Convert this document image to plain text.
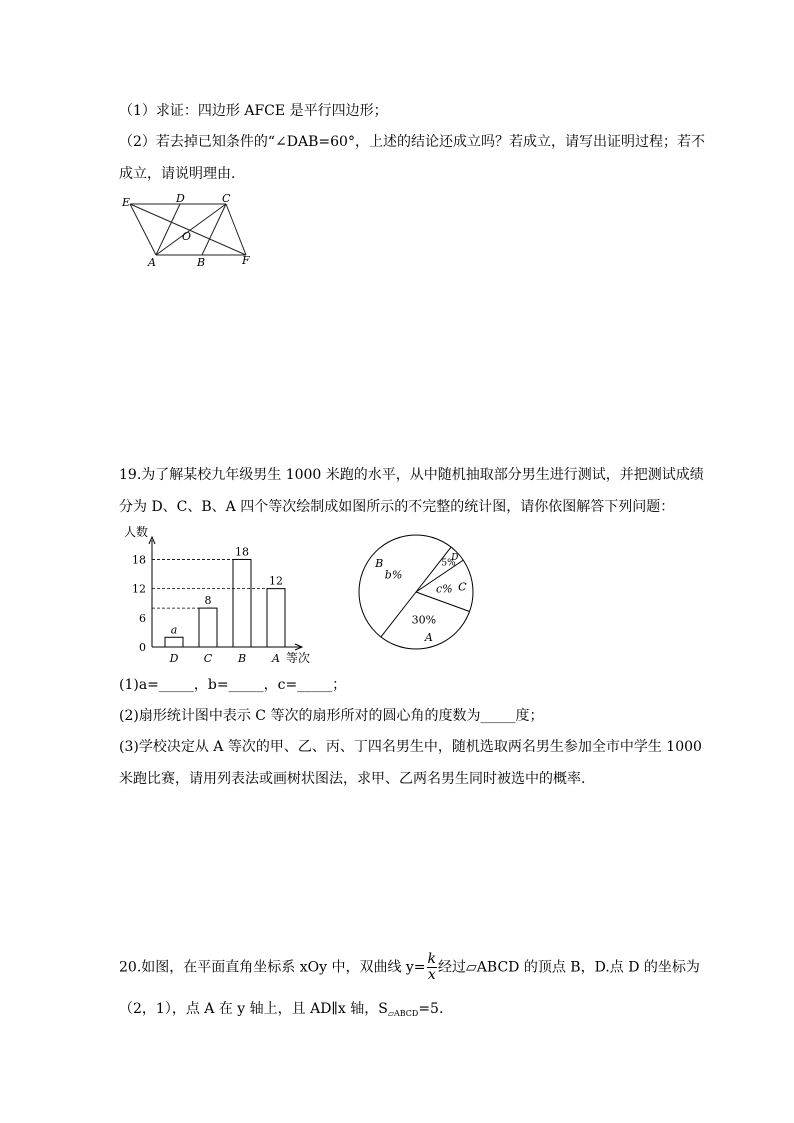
（1）求证：四边形 AFCE 是平行四边形；
（2）若去掉已知条件的“∠DAB=60°，上述的结论还成立吗？若成立，请写出证明过程；若不
成立，请说明理由.
E	D	C
O
A	B	F
19.为了解某校九年级男生 1000 米跑的水平，从中随机抽取部分男生进行测试，并把测试成绩
分为 D、C、B、A 四个等次绘制成如图所示的不完整的统计图，请你依图解答下列问题：
人数
等次
0
6
12
18
a
D
8
C
18
B
12
A
30%
A
b%
B	5%
D
c% C
(1)a=_____，b=_____，c=_____；
(2)扇形统计图中表示 C 等次的扇形所对的圆心角的度数为_____度；
(3)学校决定从 A 等次的甲、乙、丙、丁四名男生中，随机选取两名男生参加全市中学生 1000
米跑比赛，请用列表法或画树状图法，求甲、乙两名男生同时被选中的概率.
20.如图，在平面直角坐标系 xOy 中，双曲线 $y= \frac{k}{x}$ 经过▱ABCD 的顶点 B，D.点 D 的坐标为
（2，1），点 A 在 y 轴上，且 AD∥x 轴，$S_{▱ABCD}=5$.
